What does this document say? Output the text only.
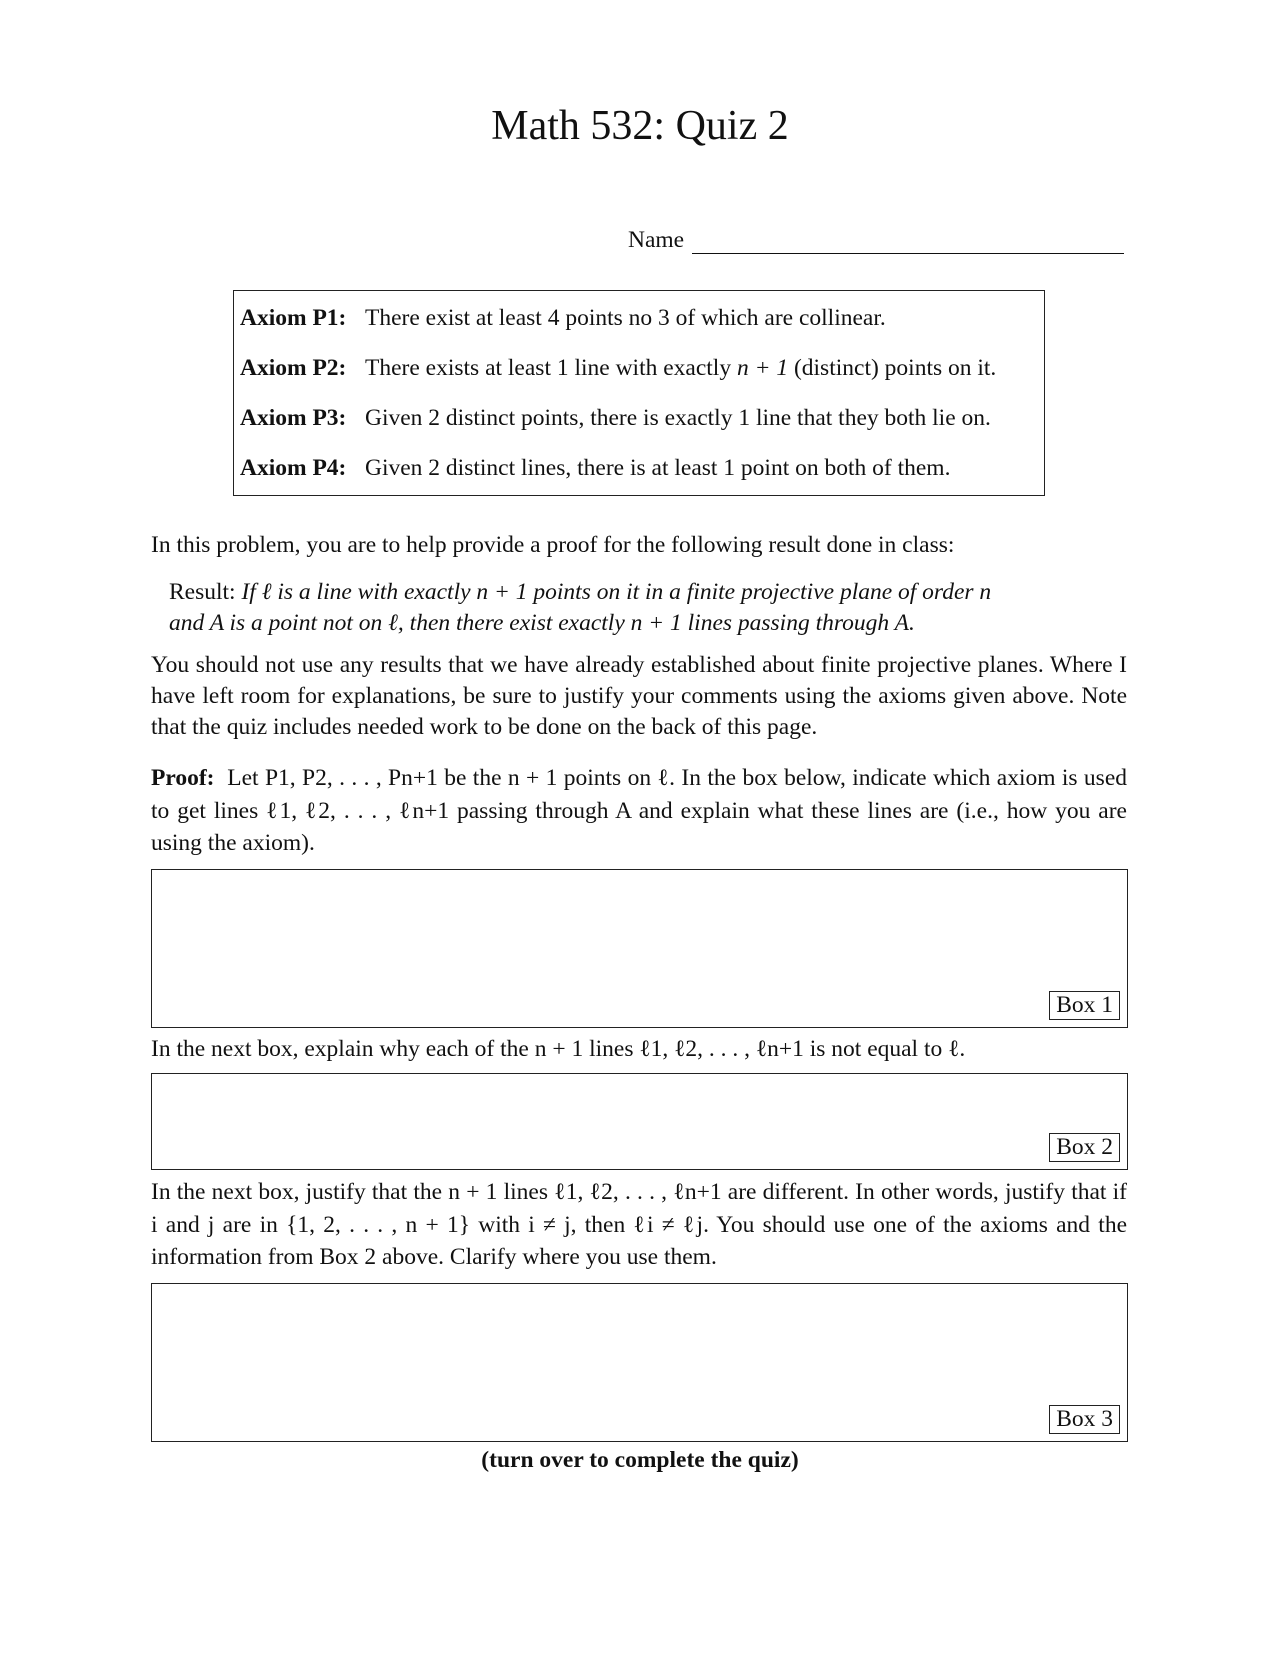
Math 532: Quiz 2
Name
Axiom P1: There exist at least 4 points no 3 of which are collinear.
Axiom P2: There exists at least 1 line with exactly n + 1 (distinct) points on it.
Axiom P3: Given 2 distinct points, there is exactly 1 line that they both lie on.
Axiom P4: Given 2 distinct lines, there is at least 1 point on both of them.
In this problem, you are to help provide a proof for the following result done in class:
Result: If ℓ is a line with exactly n + 1 points on it in a finite projective plane of order n
and A is a point not on ℓ, then there exist exactly n + 1 lines passing through A.
You should not use any results that we have already established about finite projective planes. Where I have left room for explanations, be sure to justify your comments using the axioms given above. Note that the quiz includes needed work to be done on the back of this page.
Proof: Let P1, P2, . . . , Pn+1 be the n + 1 points on ℓ. In the box below, indicate which axiom is used to get lines ℓ1, ℓ2, . . . , ℓn+1 passing through A and explain what these lines are (i.e., how you are using the axiom).
Box 1
In the next box, explain why each of the n + 1 lines ℓ1, ℓ2, . . . , ℓn+1 is not equal to ℓ.
Box 2
In the next box, justify that the n + 1 lines ℓ1, ℓ2, . . . , ℓn+1 are different. In other words, justify that if i and j are in {1, 2, . . . , n + 1} with i ≠ j, then ℓi ≠ ℓj. You should use one of the axioms and the information from Box 2 above. Clarify where you use them.
Box 3
(turn over to complete the quiz)
